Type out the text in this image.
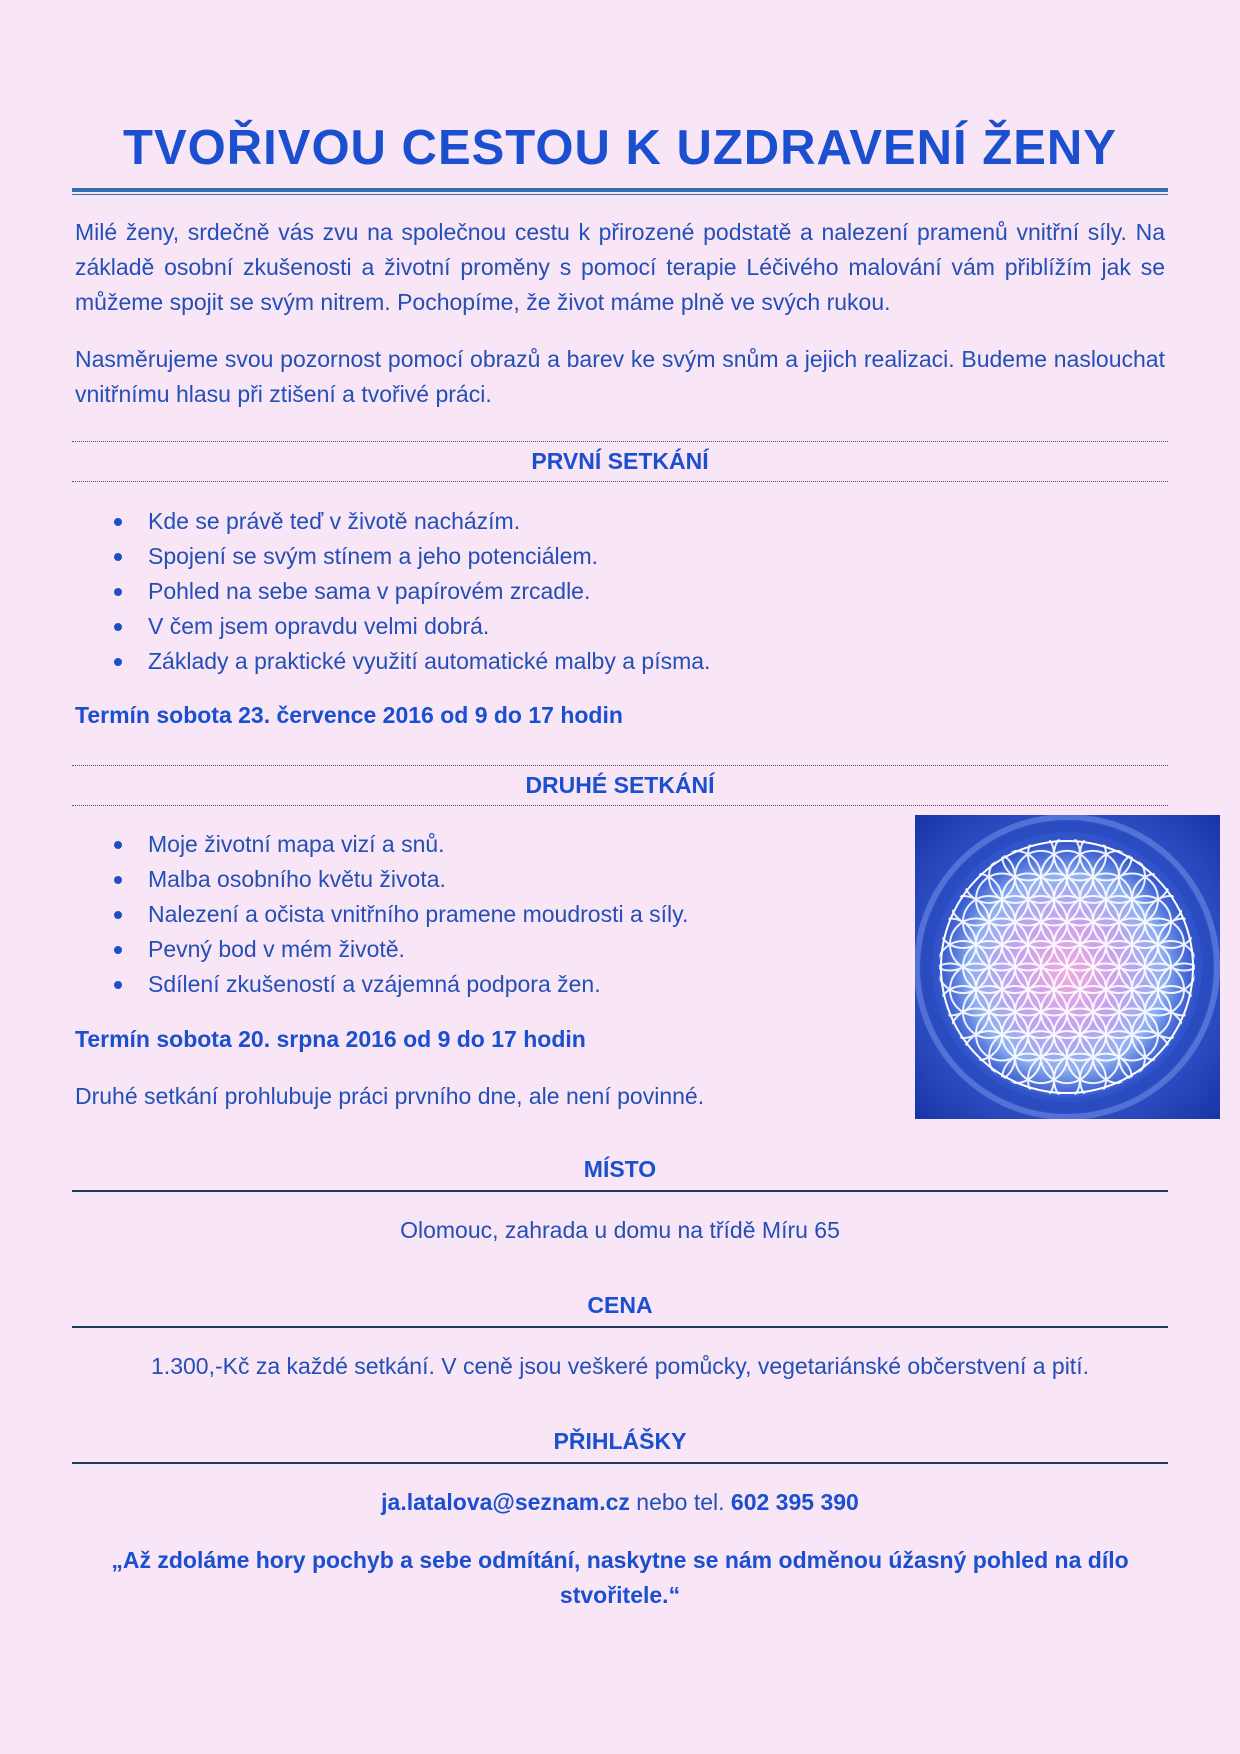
TVOŘIVOU CESTOU K UZDRAVENÍ ŽENY

Milé ženy, srdečně vás zvu na společnou cestu k přirozené podstatě a nalezení pramenů vnitřní síly. Na základě osobní zkušenosti a životní proměny s pomocí terapie Léčivého malování vám přiblížím jak se můžeme spojit se svým nitrem. Pochopíme, že život máme plně ve svých rukou.

Nasměrujeme svou pozornost pomocí obrazů a barev ke svým snům a jejich realizaci. Budeme naslouchat vnitřnímu hlasu při ztišení a tvořivé práci.

PRVNÍ SETKÁNÍ
Kde se právě teď v životě nacházím.
Spojení se svým stínem a jeho potenciálem.
Pohled na sebe sama v papírovém zrcadle.
V čem jsem opravdu velmi dobrá.
Základy a praktické využití automatické malby a písma.
Termín sobota 23. července 2016 od 9 do 17 hodin
DRUHÉ SETKÁNÍ
Moje životní mapa vizí a snů.
Malba osobního květu života.
Nalezení a očista vnitřního pramene moudrosti a síly.
Pevný bod v mém životě.
Sdílení zkušeností a vzájemná podpora žen.
Termín sobota 20. srpna 2016 od 9 do 17 hodin

Druhé setkání prohlubuje práci prvního dne, ale není povinné.

MÍSTO
Olomouc, zahrada u domu na třídě Míru 65
CENA
1.300,-Kč za každé setkání. V ceně jsou veškeré pomůcky, vegetariánské občerstvení a pití.
PŘIHLÁŠKY
ja.latalova@seznam.cz nebo tel. 602 395 390

„Až zdoláme hory pochyb a sebe odmítání, naskytne se nám odměnou úžasný pohled na dílo stvořitele.“
